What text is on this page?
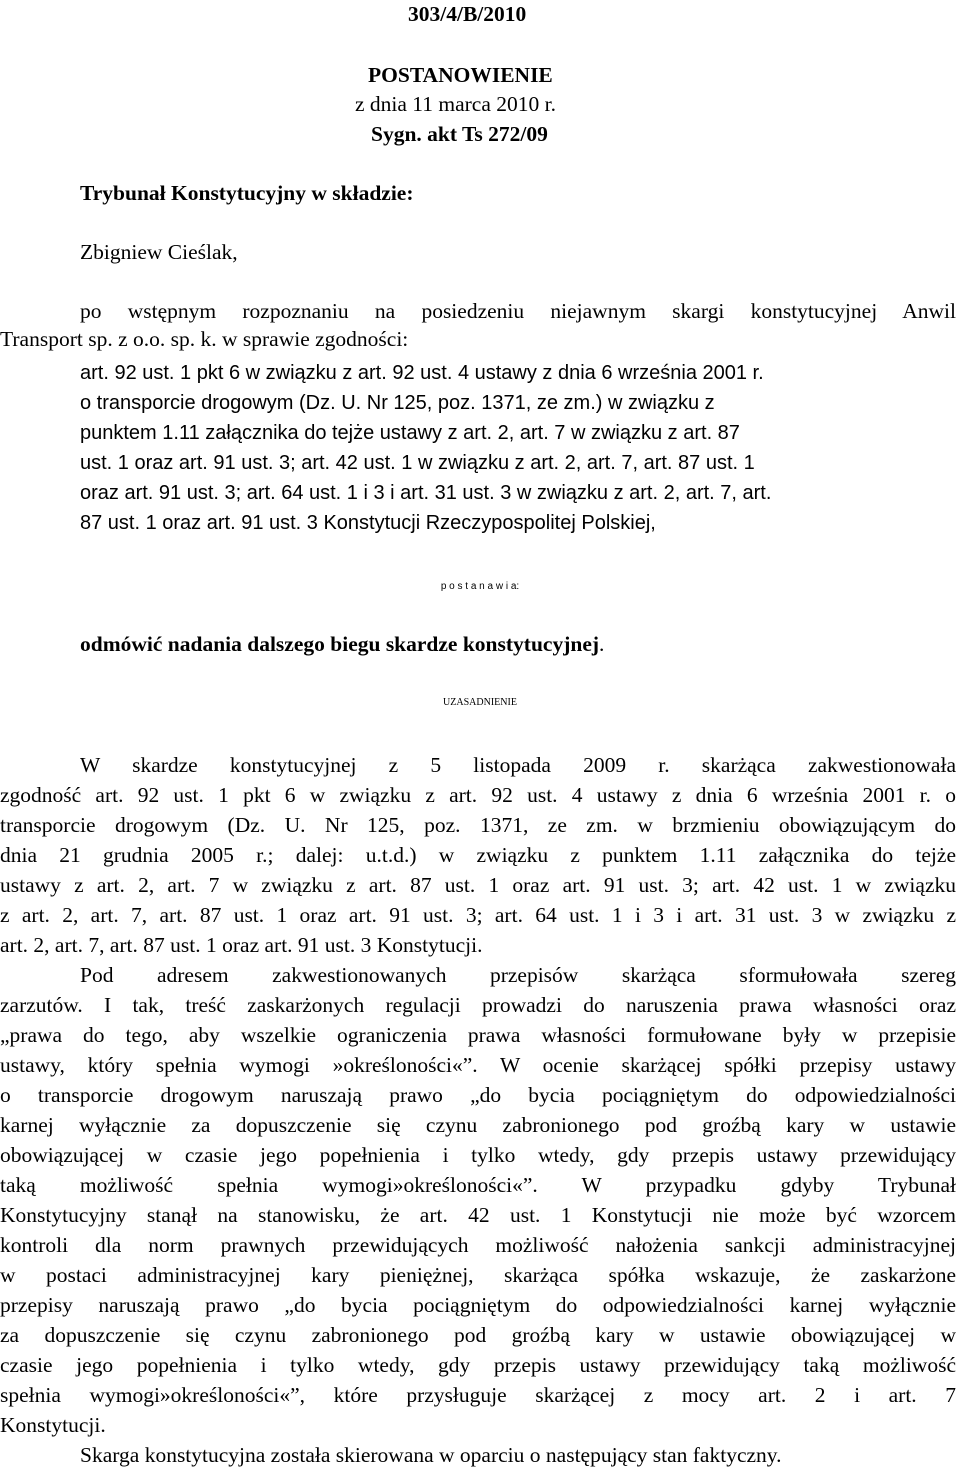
303/4/B/2010
POSTANOWIENIE
z dnia 11 marca 2010 r.
Sygn. akt Ts 272/09
Trybunał Konstytucyjny w składzie:
Zbigniew Cieślak,
po wstępnym rozpoznaniu na posiedzeniu niejawnym skargi konstytucyjnej Anwil
Transport sp. z o.o. sp. k. w sprawie zgodności:
art. 92 ust. 1 pkt 6 w związku z art. 92 ust. 4 ustawy z dnia 6 września 2001 r.
o transporcie drogowym (Dz. U. Nr 125, poz. 1371, ze zm.) w związku z
punktem 1.11 załącznika do tejże ustawy z art. 2, art. 7 w związku z art. 87
ust. 1 oraz art. 91 ust. 3; art. 42 ust. 1 w związku z art. 2, art. 7, art. 87 ust. 1
oraz art. 91 ust. 3; art. 64 ust. 1 i 3 i art. 31 ust. 3 w związku z art. 2, art. 7, art.
87 ust. 1 oraz art. 91 ust. 3 Konstytucji Rzeczypospolitej Polskiej,
p o s t a n a w i a:
odmówić nadania dalszego biegu skardze konstytucyjnej.
UZASADNIENIE
W skardze konstytucyjnej z 5 listopada 2009 r. skarżąca zakwestionowała
zgodność art. 92 ust. 1 pkt 6 w związku z art. 92 ust. 4 ustawy z dnia 6 września 2001 r. o
transporcie drogowym (Dz. U. Nr 125, poz. 1371, ze zm. w brzmieniu obowiązującym do
dnia 21 grudnia 2005 r.; dalej: u.t.d.) w związku z punktem 1.11 załącznika do tejże
ustawy z art. 2, art. 7 w związku z art. 87 ust. 1 oraz art. 91 ust. 3; art. 42 ust. 1 w związku
z art. 2, art. 7, art. 87 ust. 1 oraz art. 91 ust. 3; art. 64 ust. 1 i 3 i art. 31 ust. 3 w związku z
art. 2, art. 7, art. 87 ust. 1 oraz art. 91 ust. 3 Konstytucji.
Pod adresem zakwestionowanych przepisów skarżąca sformułowała szereg
zarzutów. I tak, treść zaskarżonych regulacji prowadzi do naruszenia prawa własności oraz
„prawa do tego, aby wszelkie ograniczenia prawa własności formułowane były w przepisie
ustawy, który spełnia wymogi »określoności«”. W ocenie skarżącej spółki przepisy ustawy
o transporcie drogowym naruszają prawo „do bycia pociągniętym do odpowiedzialności
karnej wyłącznie za dopuszczenie się czynu zabronionego pod groźbą kary w ustawie
obowiązującej w czasie jego popełnienia i tylko wtedy, gdy przepis ustawy przewidujący
taką możliwość spełnia wymogi»określoności«”. W przypadku gdyby Trybunał
Konstytucyjny stanął na stanowisku, że art. 42 ust. 1 Konstytucji nie może być wzorcem
kontroli dla norm prawnych przewidujących możliwość nałożenia sankcji administracyjnej
w postaci administracyjnej kary pieniężnej, skarżąca spółka wskazuje, że zaskarżone
przepisy naruszają prawo „do bycia pociągniętym do odpowiedzialności karnej wyłącznie
za dopuszczenie się czynu zabronionego pod groźbą kary w ustawie obowiązującej w
czasie jego popełnienia i tylko wtedy, gdy przepis ustawy przewidujący taką możliwość
spełnia wymogi»określoności«”, które przysługuje skarżącej z mocy art. 2 i art. 7
Konstytucji.
Skarga konstytucyjna została skierowana w oparciu o następujący stan faktyczny.
